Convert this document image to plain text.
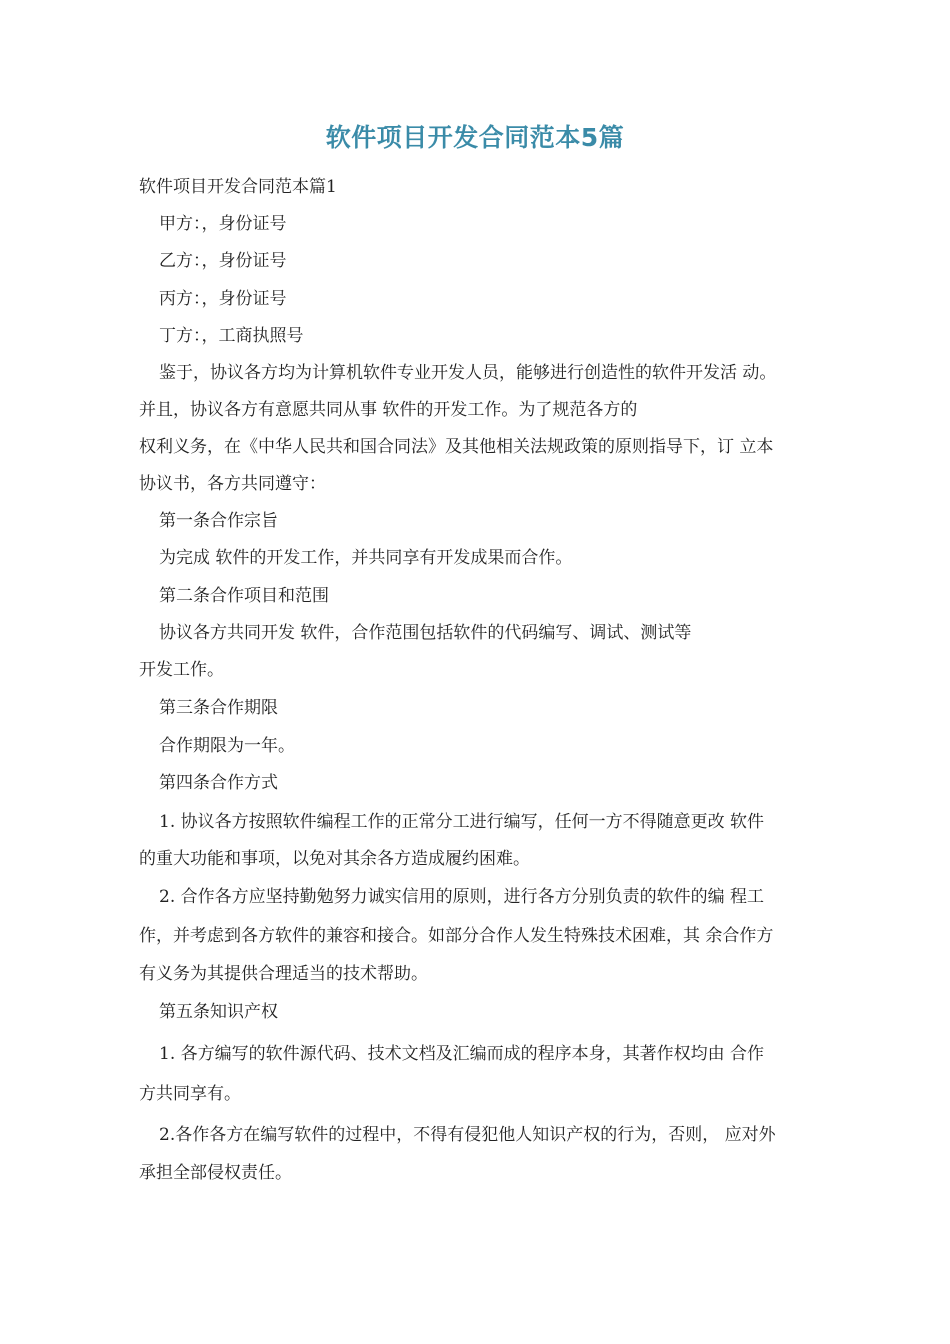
软件项目开发合同范本5篇
软件项目开发合同范本篇1
甲方：，身份证号
乙方：，身份证号
丙方：，身份证号
丁方：，工商执照号
鉴于，协议各方均为计算机软件专业开发人员，能够进行创造性的软件开发活 动。
并且，协议各方有意愿共同从事 软件的开发工作。为了规范各方的
权利义务，在《中华人民共和国合同法》及其他相关法规政策的原则指导下，订 立本
协议书，各方共同遵守：
第一条合作宗旨
为完成 软件的开发工作，并共同享有开发成果而合作。
第二条合作项目和范围
协议各方共同开发 软件，合作范围包括软件的代码编写、调试、测试等
开发工作。
第三条合作期限
合作期限为一年。
第四条合作方式
1. 协议各方按照软件编程工作的正常分工进行编写，任何一方不得随意更改 软件
的重大功能和事项，以免对其余各方造成履约困难。
2. 合作各方应坚持勤勉努力诚实信用的原则，进行各方分别负责的软件的编 程工
作，并考虑到各方软件的兼容和接合。如部分合作人发生特殊技术困难，其 余合作方
有义务为其提供合理适当的技术帮助。
第五条知识产权
1. 各方编写的软件源代码、技术文档及汇编而成的程序本身，其著作权均由 合作
方共同享有。
2.各作各方在编写软件的过程中，不得有侵犯他人知识产权的行为，否则， 应对外
承担全部侵权责任。
